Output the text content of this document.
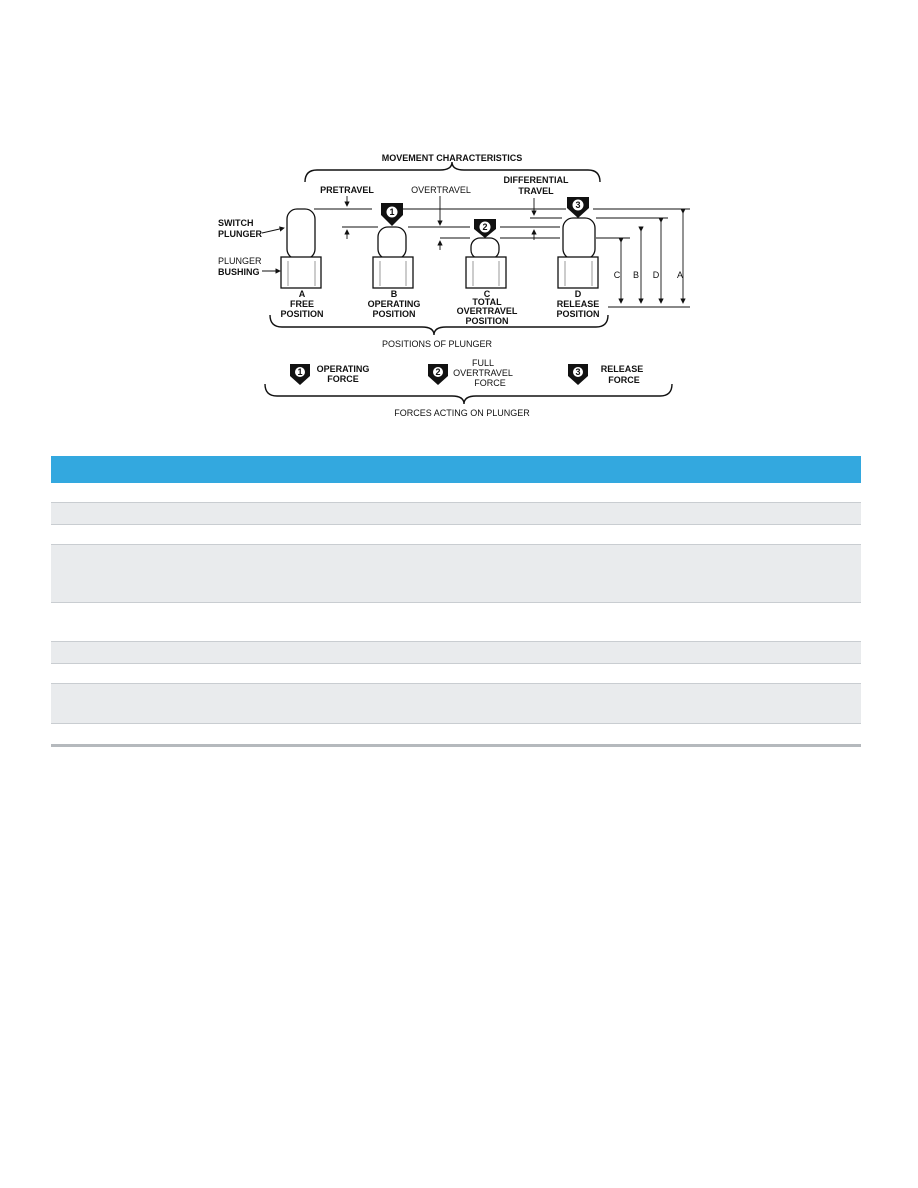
MOVEMENT CHARACTERISTICS
PRETRAVEL	OVERTRAVEL
DIFFERENTIAL
TRAVEL
SWITCH
PLUNGER
PLUNGER
BUSHING
1
2
3
C B D A
A
FREE
POSITION
B
OPERATING
POSITION
C
TOTAL
OVERTRAVEL
POSITION
D
RELEASE
POSITION
POSITIONS OF PLUNGER
1 OPERATING
FORCE
2
FULL
OVERTRAVEL
FORCE
3 RELEASE
FORCE
FORCES ACTING ON PLUNGER
